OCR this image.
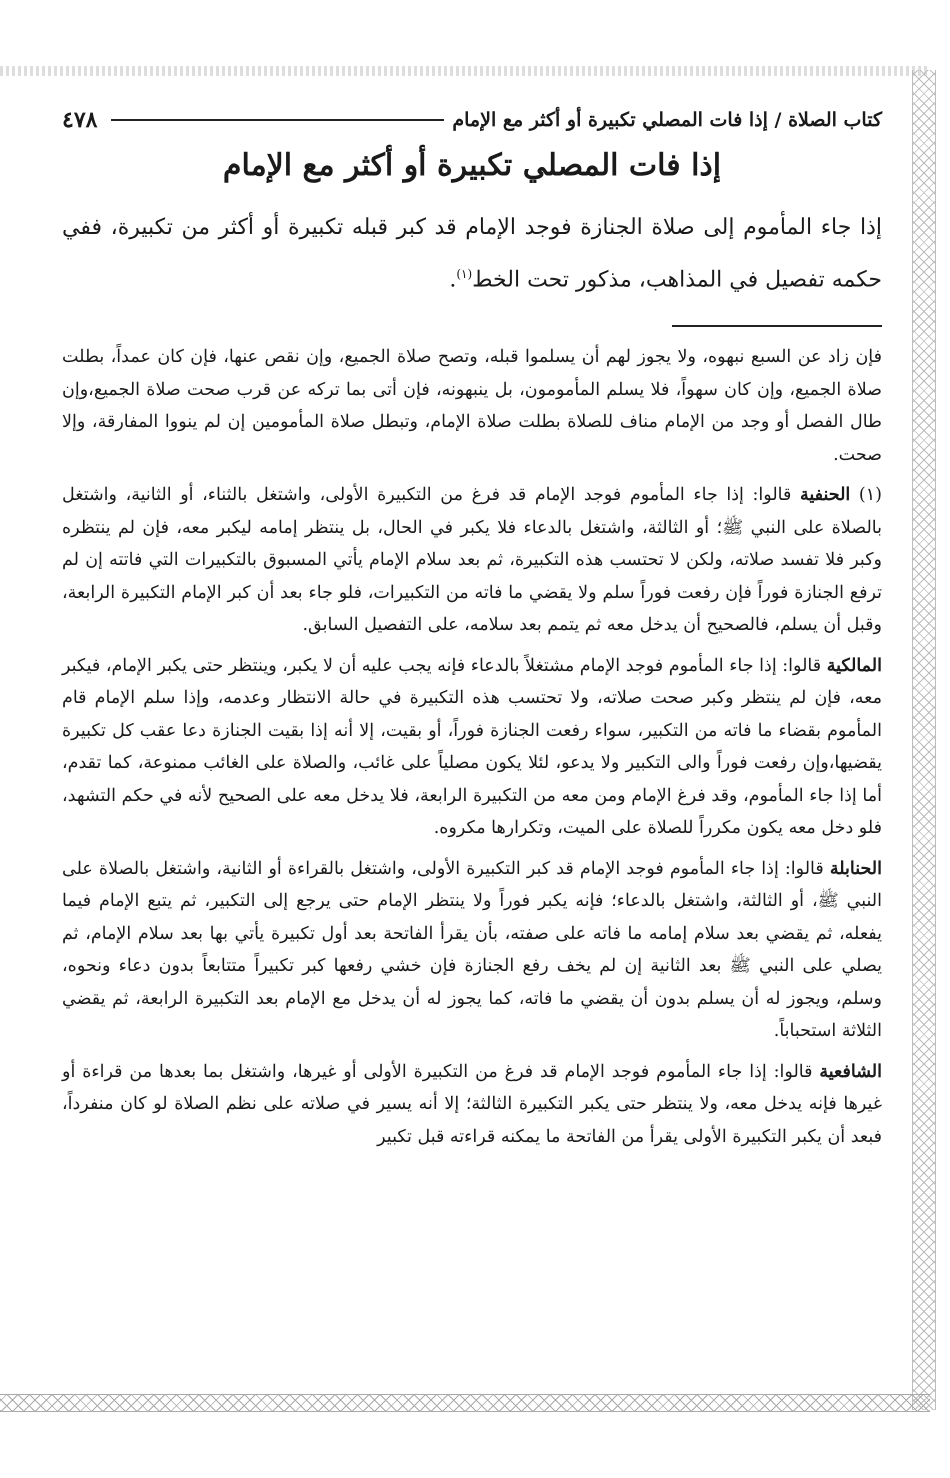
كتاب الصلاة / إذا فات المصلي تكبيرة أو أكثر مع الإمام
٤٧٨
إذا فات المصلي تكبيرة أو أكثر مع الإمام

إذا جاء المأموم إلى صلاة الجنازة فوجد الإمام قد كبر قبله تكبيرة أو أكثر من تكبيرة، ففي حكمه تفصيل في المذاهب، مذكور تحت الخط$^{(١)}$.

فإن زاد عن السبع نبهوه، ولا يجوز لهم أن يسلموا قبله، وتصح صلاة الجميع، وإن نقص عنها، فإن كان عمداً، بطلت صلاة الجميع، وإن كان سهواً، فلا يسلم المأمومون، بل ينبهونه، فإن أتى بما تركه عن قرب صحت صلاة الجميع،وإن طال الفصل أو وجد من الإمام مناف للصلاة بطلت صلاة الإمام، وتبطل صلاة المأمومين إن لم ينووا المفارقة، وإلا صحت.

(١) الحنفية قالوا: إذا جاء المأموم فوجد الإمام قد فرغ من التكبيرة الأولى، واشتغل بالثناء، أو الثانية، واشتغل بالصلاة على النبي ﷺ؛ أو الثالثة، واشتغل بالدعاء فلا يكبر في الحال، بل ينتظر إمامه ليكبر معه، فإن لم ينتظره وكبر فلا تفسد صلاته، ولكن لا تحتسب هذه التكبيرة، ثم بعد سلام الإمام يأتي المسبوق بالتكبيرات التي فاتته إن لم ترفع الجنازة فوراً فإن رفعت فوراً سلم ولا يقضي ما فاته من التكبيرات، فلو جاء بعد أن كبر الإمام التكبيرة الرابعة، وقبل أن يسلم، فالصحيح أن يدخل معه ثم يتمم بعد سلامه، على التفصيل السابق.

المالكية قالوا: إذا جاء المأموم فوجد الإمام مشتغلاً بالدعاء فإنه يجب عليه أن لا يكبر، وينتظر حتى يكبر الإمام، فيكبر معه، فإن لم ينتظر وكبر صحت صلاته، ولا تحتسب هذه التكبيرة في حالة الانتظار وعدمه، وإذا سلم الإمام قام المأموم بقضاء ما فاته من التكبير، سواء رفعت الجنازة فوراً، أو بقيت، إلا أنه إذا بقيت الجنازة دعا عقب كل تكبيرة يقضيها،وإن رفعت فوراً والى التكبير ولا يدعو، لئلا يكون مصلياً على غائب، والصلاة على الغائب ممنوعة، كما تقدم، أما إذا جاء المأموم، وقد فرغ الإمام ومن معه من التكبيرة الرابعة، فلا يدخل معه على الصحيح لأنه في حكم التشهد، فلو دخل معه يكون مكرراً للصلاة على الميت، وتكرارها مكروه.

الحنابلة قالوا: إذا جاء المأموم فوجد الإمام قد كبر التكبيرة الأولى، واشتغل بالقراءة أو الثانية، واشتغل بالصلاة على النبي ﷺ، أو الثالثة، واشتغل بالدعاء؛ فإنه يكبر فوراً ولا ينتظر الإمام حتى يرجع إلى التكبير، ثم يتبع الإمام فيما يفعله، ثم يقضي بعد سلام إمامه ما فاته على صفته، بأن يقرأ الفاتحة بعد أول تكبيرة يأتي بها بعد سلام الإمام، ثم يصلي على النبي ﷺ بعد الثانية إن لم يخف رفع الجنازة فإن خشي رفعها كبر تكبيراً متتابعاً بدون دعاء ونحوه، وسلم، ويجوز له أن يسلم بدون أن يقضي ما فاته، كما يجوز له أن يدخل مع الإمام بعد التكبيرة الرابعة، ثم يقضي الثلاثة استحباباً.

الشافعية قالوا: إذا جاء المأموم فوجد الإمام قد فرغ من التكبيرة الأولى أو غيرها، واشتغل بما بعدها من قراءة أو غيرها فإنه يدخل معه، ولا ينتظر حتى يكبر التكبيرة الثالثة؛ إلا أنه يسير في صلاته على نظم الصلاة لو كان منفرداً، فبعد أن يكبر التكبيرة الأولى يقرأ من الفاتحة ما يمكنه قراءته قبل تكبير
